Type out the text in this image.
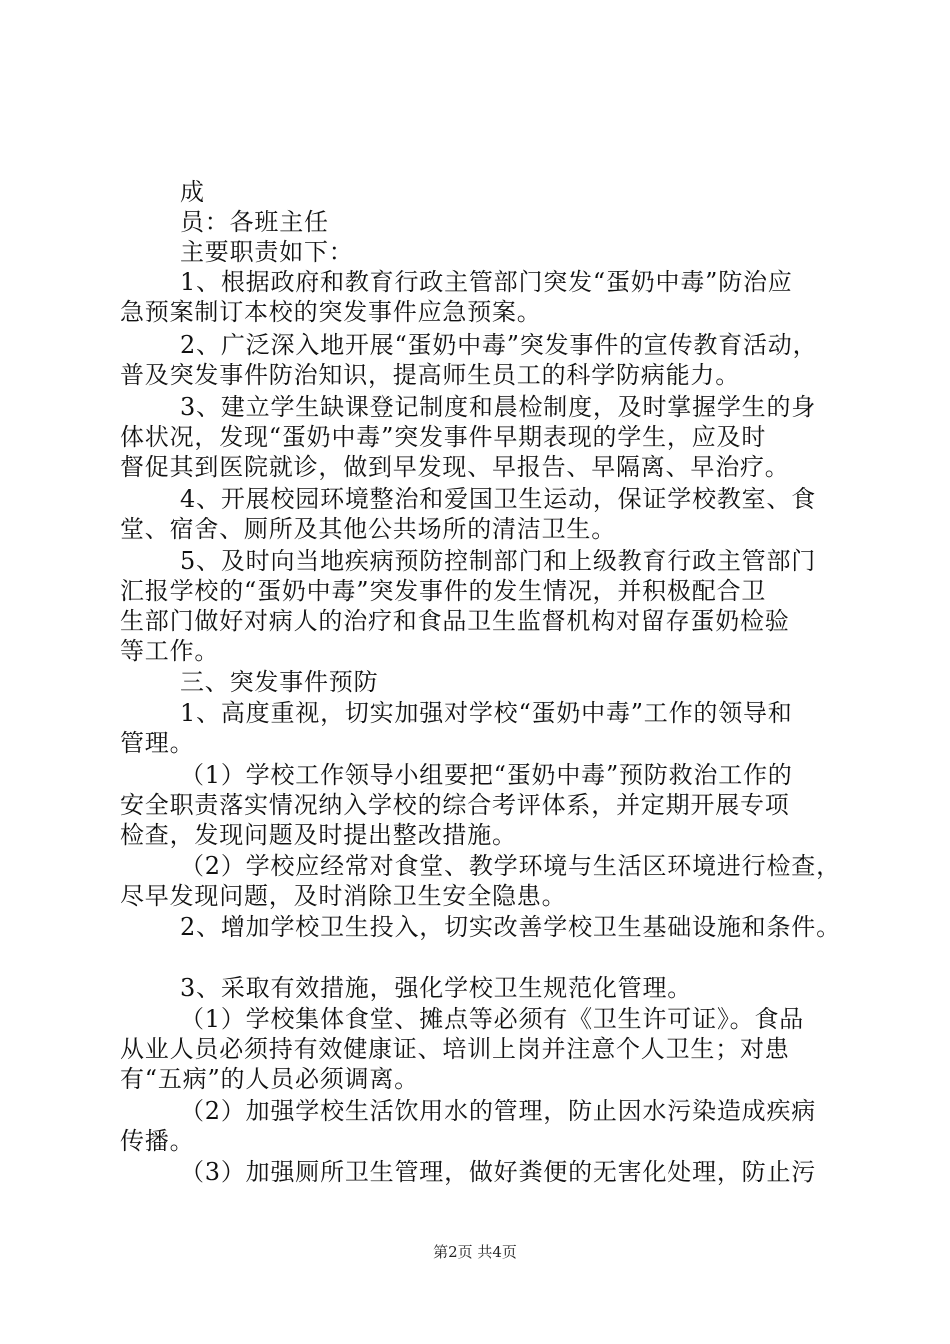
成
员：各班主任
主要职责如下：
1、根据政府和教育行政主管部门突发“蛋奶中毒”防治应
急预案制订本校的突发事件应急预案。
2、广泛深入地开展“蛋奶中毒”突发事件的宣传教育活动，
普及突发事件防治知识，提高师生员工的科学防病能力。
3、建立学生缺课登记制度和晨检制度，及时掌握学生的身
体状况，发现“蛋奶中毒”突发事件早期表现的学生，应及时
督促其到医院就诊，做到早发现、早报告、早隔离、早治疗。
4、开展校园环境整治和爱国卫生运动，保证学校教室、食
堂、宿舍、厕所及其他公共场所的清洁卫生。
5、及时向当地疾病预防控制部门和上级教育行政主管部门
汇报学校的“蛋奶中毒”突发事件的发生情况，并积极配合卫
生部门做好对病人的治疗和食品卫生监督机构对留存蛋奶检验
等工作。
三、突发事件预防
1、高度重视，切实加强对学校“蛋奶中毒”工作的领导和
管理。
（1）学校工作领导小组要把“蛋奶中毒”预防救治工作的
安全职责落实情况纳入学校的综合考评体系，并定期开展专项
检查，发现问题及时提出整改措施。
（2）学校应经常对食堂、教学环境与生活区环境进行检查，
尽早发现问题，及时消除卫生安全隐患。
2、增加学校卫生投入，切实改善学校卫生基础设施和条件。
3、采取有效措施，强化学校卫生规范化管理。
（1）学校集体食堂、摊点等必须有《卫生许可证》。食品
从业人员必须持有效健康证、培训上岗并注意个人卫生；对患
有“五病”的人员必须调离。
（2）加强学校生活饮用水的管理，防止因水污染造成疾病
传播。
（3）加强厕所卫生管理，做好粪便的无害化处理，防止污
第2页 共4页
